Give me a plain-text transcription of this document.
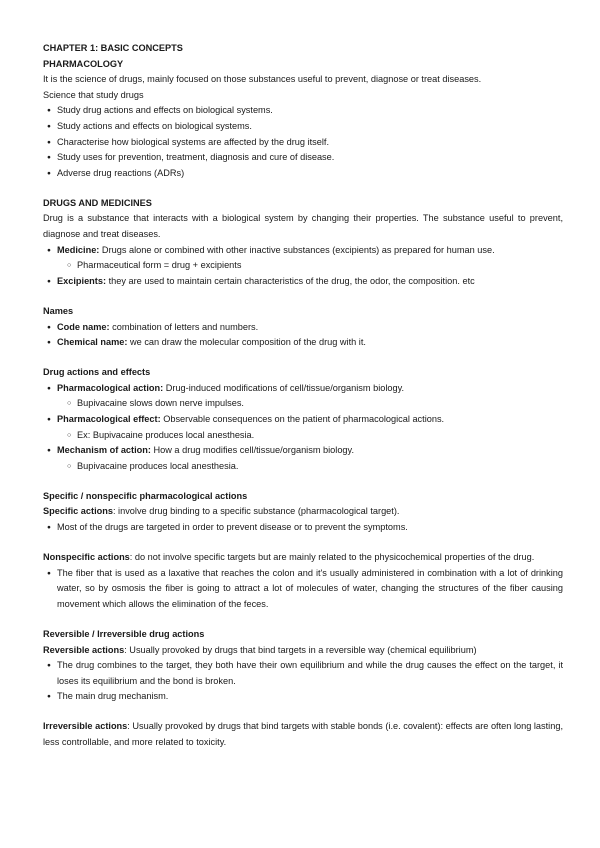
CHAPTER 1: BASIC CONCEPTS
PHARMACOLOGY
It is the science of drugs, mainly focused on those substances useful to prevent, diagnose or treat diseases.
Science that study drugs
● Study drug actions and effects on biological systems.
● Study actions and effects on biological systems.
● Characterise how biological systems are affected by the drug itself.
● Study uses for prevention, treatment, diagnosis and cure of disease.
● Adverse drug reactions (ADRs)
DRUGS AND MEDICINES
Drug is a substance that interacts with a biological system by changing their properties. The substance useful to prevent, diagnose and treat diseases.
● Medicine: Drugs alone or combined with other inactive substances (excipients) as prepared for human use.
○ Pharmaceutical form = drug + excipients
● Excipients: they are used to maintain certain characteristics of the drug, the odor, the composition. etc
Names
● Code name: combination of letters and numbers.
● Chemical name: we can draw the molecular composition of the drug with it.
Drug actions and effects
● Pharmacological action: Drug-induced modifications of cell/tissue/organism biology.
○ Bupivacaine slows down nerve impulses.
● Pharmacological effect: Observable consequences on the patient of pharmacological actions.
○ Ex: Bupivacaine produces local anesthesia.
● Mechanism of action: How a drug modifies cell/tissue/organism biology.
○ Bupivacaine produces local anesthesia.
Specific / nonspecific pharmacological actions
Specific actions: involve drug binding to a specific substance (pharmacological target).
● Most of the drugs are targeted in order to prevent disease or to prevent the symptoms.
Nonspecific actions: do not involve specific targets but are mainly related to the physicochemical properties of the drug.
● The fiber that is used as a laxative that reaches the colon and it's usually administered in combination with a lot of drinking water, so by osmosis the fiber is going to attract a lot of molecules of water, changing the structures of the fiber causing movement which allows the elimination of the feces.
Reversible / Irreversible drug actions
Reversible actions: Usually provoked by drugs that bind targets in a reversible way (chemical equilibrium)
● The drug combines to the target, they both have their own equilibrium and while the drug causes the effect on the target, it loses its equilibrium and the bond is broken.
● The main drug mechanism.
Irreversible actions: Usually provoked by drugs that bind targets with stable bonds (i.e. covalent): effects are often long lasting, less controllable, and more related to toxicity.
